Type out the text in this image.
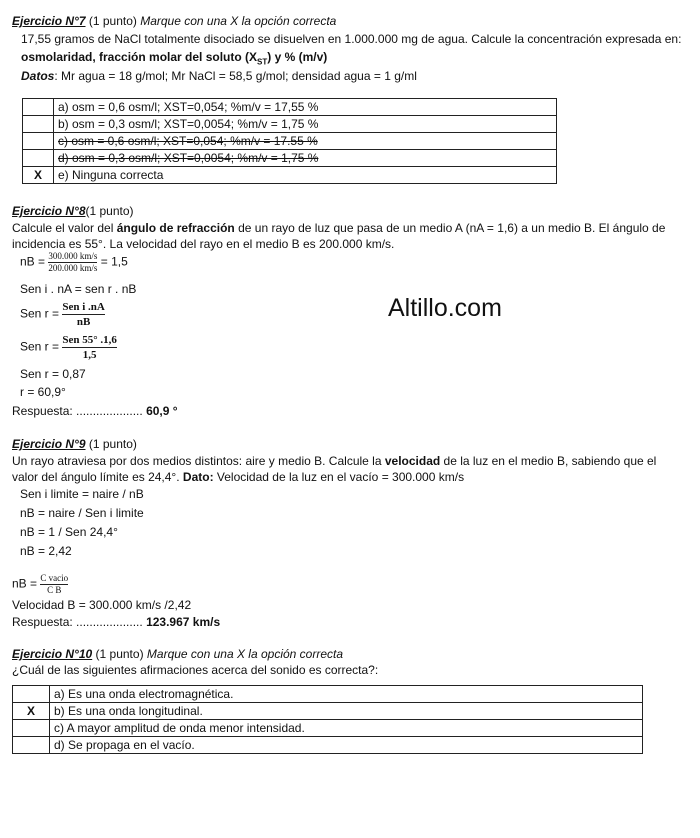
Ejercicio N°7 (1 punto) Marque con una X la opción correcta
17,55 gramos de NaCl totalmente disociado se disuelven en 1.000.000 mg de agua. Calcule la concentración expresada en:
osmolaridad, fracción molar del soluto $(X_{ST})$ y % (m/v)
Datos: Mr agua = 18 g/mol; Mr NaCl = 58,5 g/mol; densidad agua = 1 g/ml
	a) osm = 0,6 osm/l; XST=0,054; %m/v = 17,55 %
	b) osm = 0,3 osm/l; XST=0,0054; %m/v = 1,75 %
	c) osm = 0,6 osm/l; XST=0,054; %m/v = 17.55 %
	d) osm = 0,3 osm/l; XST=0,0054; %m/v = 1,75 %
X	e) Ninguna correcta
Ejercicio N°8(1 punto)
Calcule el valor del ángulo de refracción de un rayo de luz que pasa de un medio A (nA = 1,6) a un medio B. El ángulo de
incidencia es 55°. La velocidad del rayo en el medio B es 200.000 km/s.
nB = $\frac{300.000 km/s}{200.000 km/s} = 1,5$
Sen i . nA = sen r . nB
Sen $r = \frac{\text{Sen i .nA}}{nB}$
Sen $r = \frac{\text{Sen 55° .1,6}}{1,5}$
Sen r = 0,87
r = 60,9°
Respuesta: .................... 60,9 °
Altillo.com
Ejercicio N°9 (1 punto)
Un rayo atraviesa por dos medios distintos: aire y medio B. Calcule la velocidad de la luz en el medio B, sabiendo que el
valor del ángulo límite es 24,4°. Dato: Velocidad de la luz en el vacío = 300.000 km/s
Sen i limite = naire / nB
nB = naire / Sen i limite
nB = 1 / Sen 24,4°
nB = 2,42
nB = $\frac{\text{C vacio}}{\text{C B}}$
Velocidad B = 300.000 km/s /2,42
Respuesta: .................... 123.967 km/s
Ejercicio N°10 (1 punto) Marque con una X la opción correcta
¿Cuál de las siguientes afirmaciones acerca del sonido es correcta?:
	a) Es una onda electromagnética.
X	b) Es una onda longitudinal.
	c) A mayor amplitud de onda menor intensidad.
	d) Se propaga en el vacío.
